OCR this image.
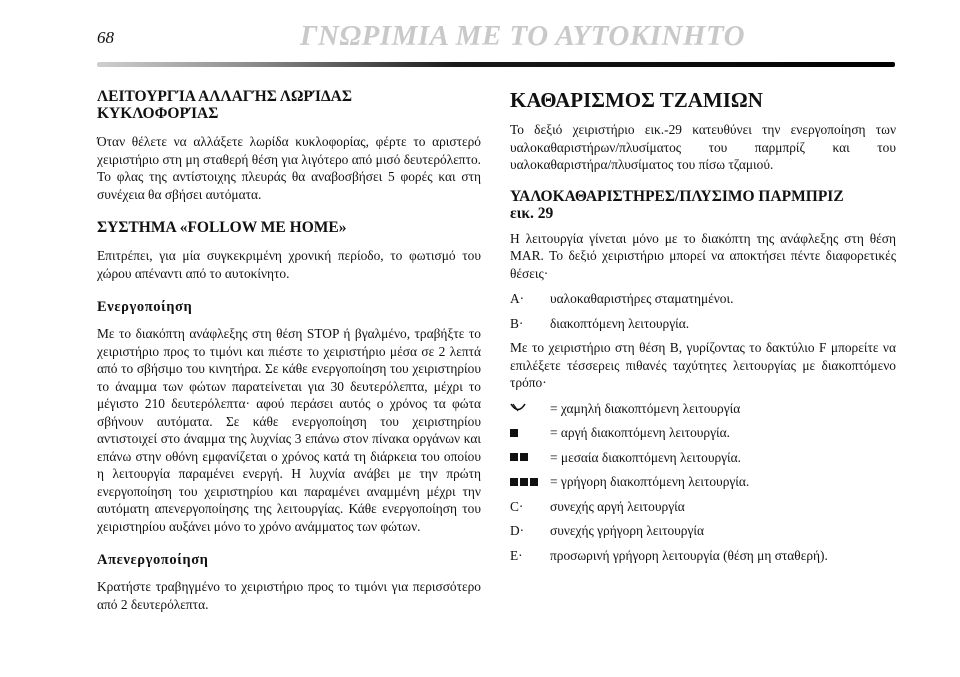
68	ΓΝΩΡΙΜΙΑ ΜΕ ΤΟ ΑΥΤΟΚΙΝΗΤΟ
ΛΕΙΤΟΥΡΓΊΑ ΑΛΛΑΓΉΣ ΛΩΡΊΔΑΣ
ΚΥΚΛΟΦΟΡΊΑΣ

Όταν θέλετε να αλλάξετε λωρίδα κυκλοφορίας, φέρτε το αριστερό χειριστήριο στη μη σταθερή θέση για λιγότερο από μισό δευτερόλεπτο. Το φλας της αντίστοιχης πλευράς θα αναβοσβήσει 5 φορές και στη συνέχεια θα σβήσει αυτόματα.

ΣΥΣΤΗΜΑ «FOLLOW ME HOME»

Επιτρέπει, για μία συγκεκριμένη χρονική περίοδο, το φωτισμό του χώρου απέναντι από το αυτοκίνητο.

Ενεργοποίηση

Με το διακόπτη ανάφλεξης στη θέση STOP ή βγαλμένο, τραβήξτε το χειριστήριο προς το τιμόνι και πιέστε το χειριστήριο μέσα σε 2 λεπτά από το σβήσιμο του κινητήρα. Σε κάθε ενεργοποίηση του χειριστηρίου το άναμμα των φώτων παρατείνεται για 30 δευτερόλεπτα, μέχρι το μέγιστο 210 δευτερόλεπτα· αφού περάσει αυτός ο χρόνος τα φώτα σβήνουν αυτόματα. Σε κάθε ενεργοποίηση του χειριστηρίου αντιστοιχεί στο άναμμα της λυχνίας 3 επάνω στον πίνακα οργάνων και επάνω στην οθόνη εμφανίζεται ο χρόνος κατά τη διάρκεια του οποίου η λειτουργία παραμένει ενεργή. Η λυχνία ανάβει με την πρώτη ενεργοποίηση του χειριστηρίου και παραμένει αναμμένη μέχρι την αυτόματη απενεργοποίησης της λειτουργίας. Κάθε ενεργοποίηση του χειριστηρίου αυξάνει μόνο το χρόνο ανάμματος των φώτων.

Απενεργοποίηση

Κρατήστε τραβηγμένο το χειριστήριο προς το τιμόνι για περισσότερο από 2 δευτερόλεπτα.

ΚΑΘΑΡΙΣΜΟΣ ΤΖΑΜΙΩΝ

Το δεξιό χειριστήριο εικ.-29 κατευθύνει την ενεργοποίηση των υαλοκαθαριστήρων/πλυσίματος του παρμπρίζ και του υαλοκαθαριστήρα/πλυσίματος του πίσω τζαμιού.

ΥΑΛΟΚΑΘΑΡΙΣΤΗΡΕΣ/ΠΛΥΣΙΜΟ ΠΑΡΜΠΡΙΖ
εικ. 29

Η λειτουργία γίνεται μόνο με το διακόπτη της ανάφλεξης στη θέση MAR. Το δεξιό χειριστήριο μπορεί να αποκτήσει πέντε διαφορετικές θέσεις·

A·	υαλοκαθαριστήρες σταματημένοι.
B·	διακοπτόμενη λειτουργία.

Με το χειριστήριο στη θέση B, γυρίζοντας το δακτύλιο F μπορείτε να επιλέξετε τέσσερεις πιθανές ταχύτητες λειτουργίας με διακοπτόμενο τρόπο·

= χαμηλή διακοπτόμενη λειτουργία
= αργή διακοπτόμενη λειτουργία.
= μεσαία διακοπτόμενη λειτουργία.
= γρήγορη διακοπτόμενη λειτουργία.
C·	συνεχής αργή λειτουργία
D·	συνεχής γρήγορη λειτουργία
E·	προσωρινή γρήγορη λειτουργία (θέση μη σταθερή).
